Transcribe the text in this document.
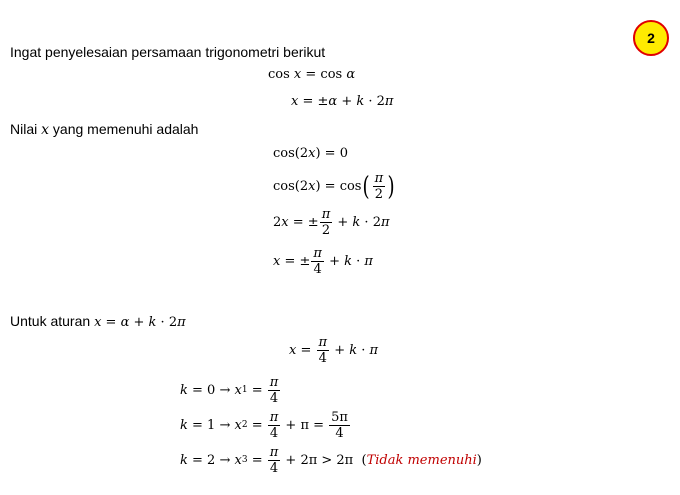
2
Ingat penyelesaian persamaan trigonometri berikut
cos
x = cos α
x = ± α + k · 2 π
Nilai x yang memenuhi adalah
cos(2 x ) = 0
cos(2 x ) = cos ( $\frac{\pi}{2}$ )
2 x = ± $\frac{\pi}{2} + k \cdot 2$ π
x = ± $\frac{\pi}{4} + k \cdot \pi$
Untuk aturan x = α + k · 2π
$x = \frac{\pi}{4} + k \cdot \pi$
k = 0 → x $1 = \frac{\pi}{4}$
k = 1 → x $2 = \frac{\pi}{4} + \pi = \frac{5\pi}{4}$
k = 2 → x $3 = \frac{\pi}{4} + 2\pi > 2\pi$  ( Tidak memenuhi )
